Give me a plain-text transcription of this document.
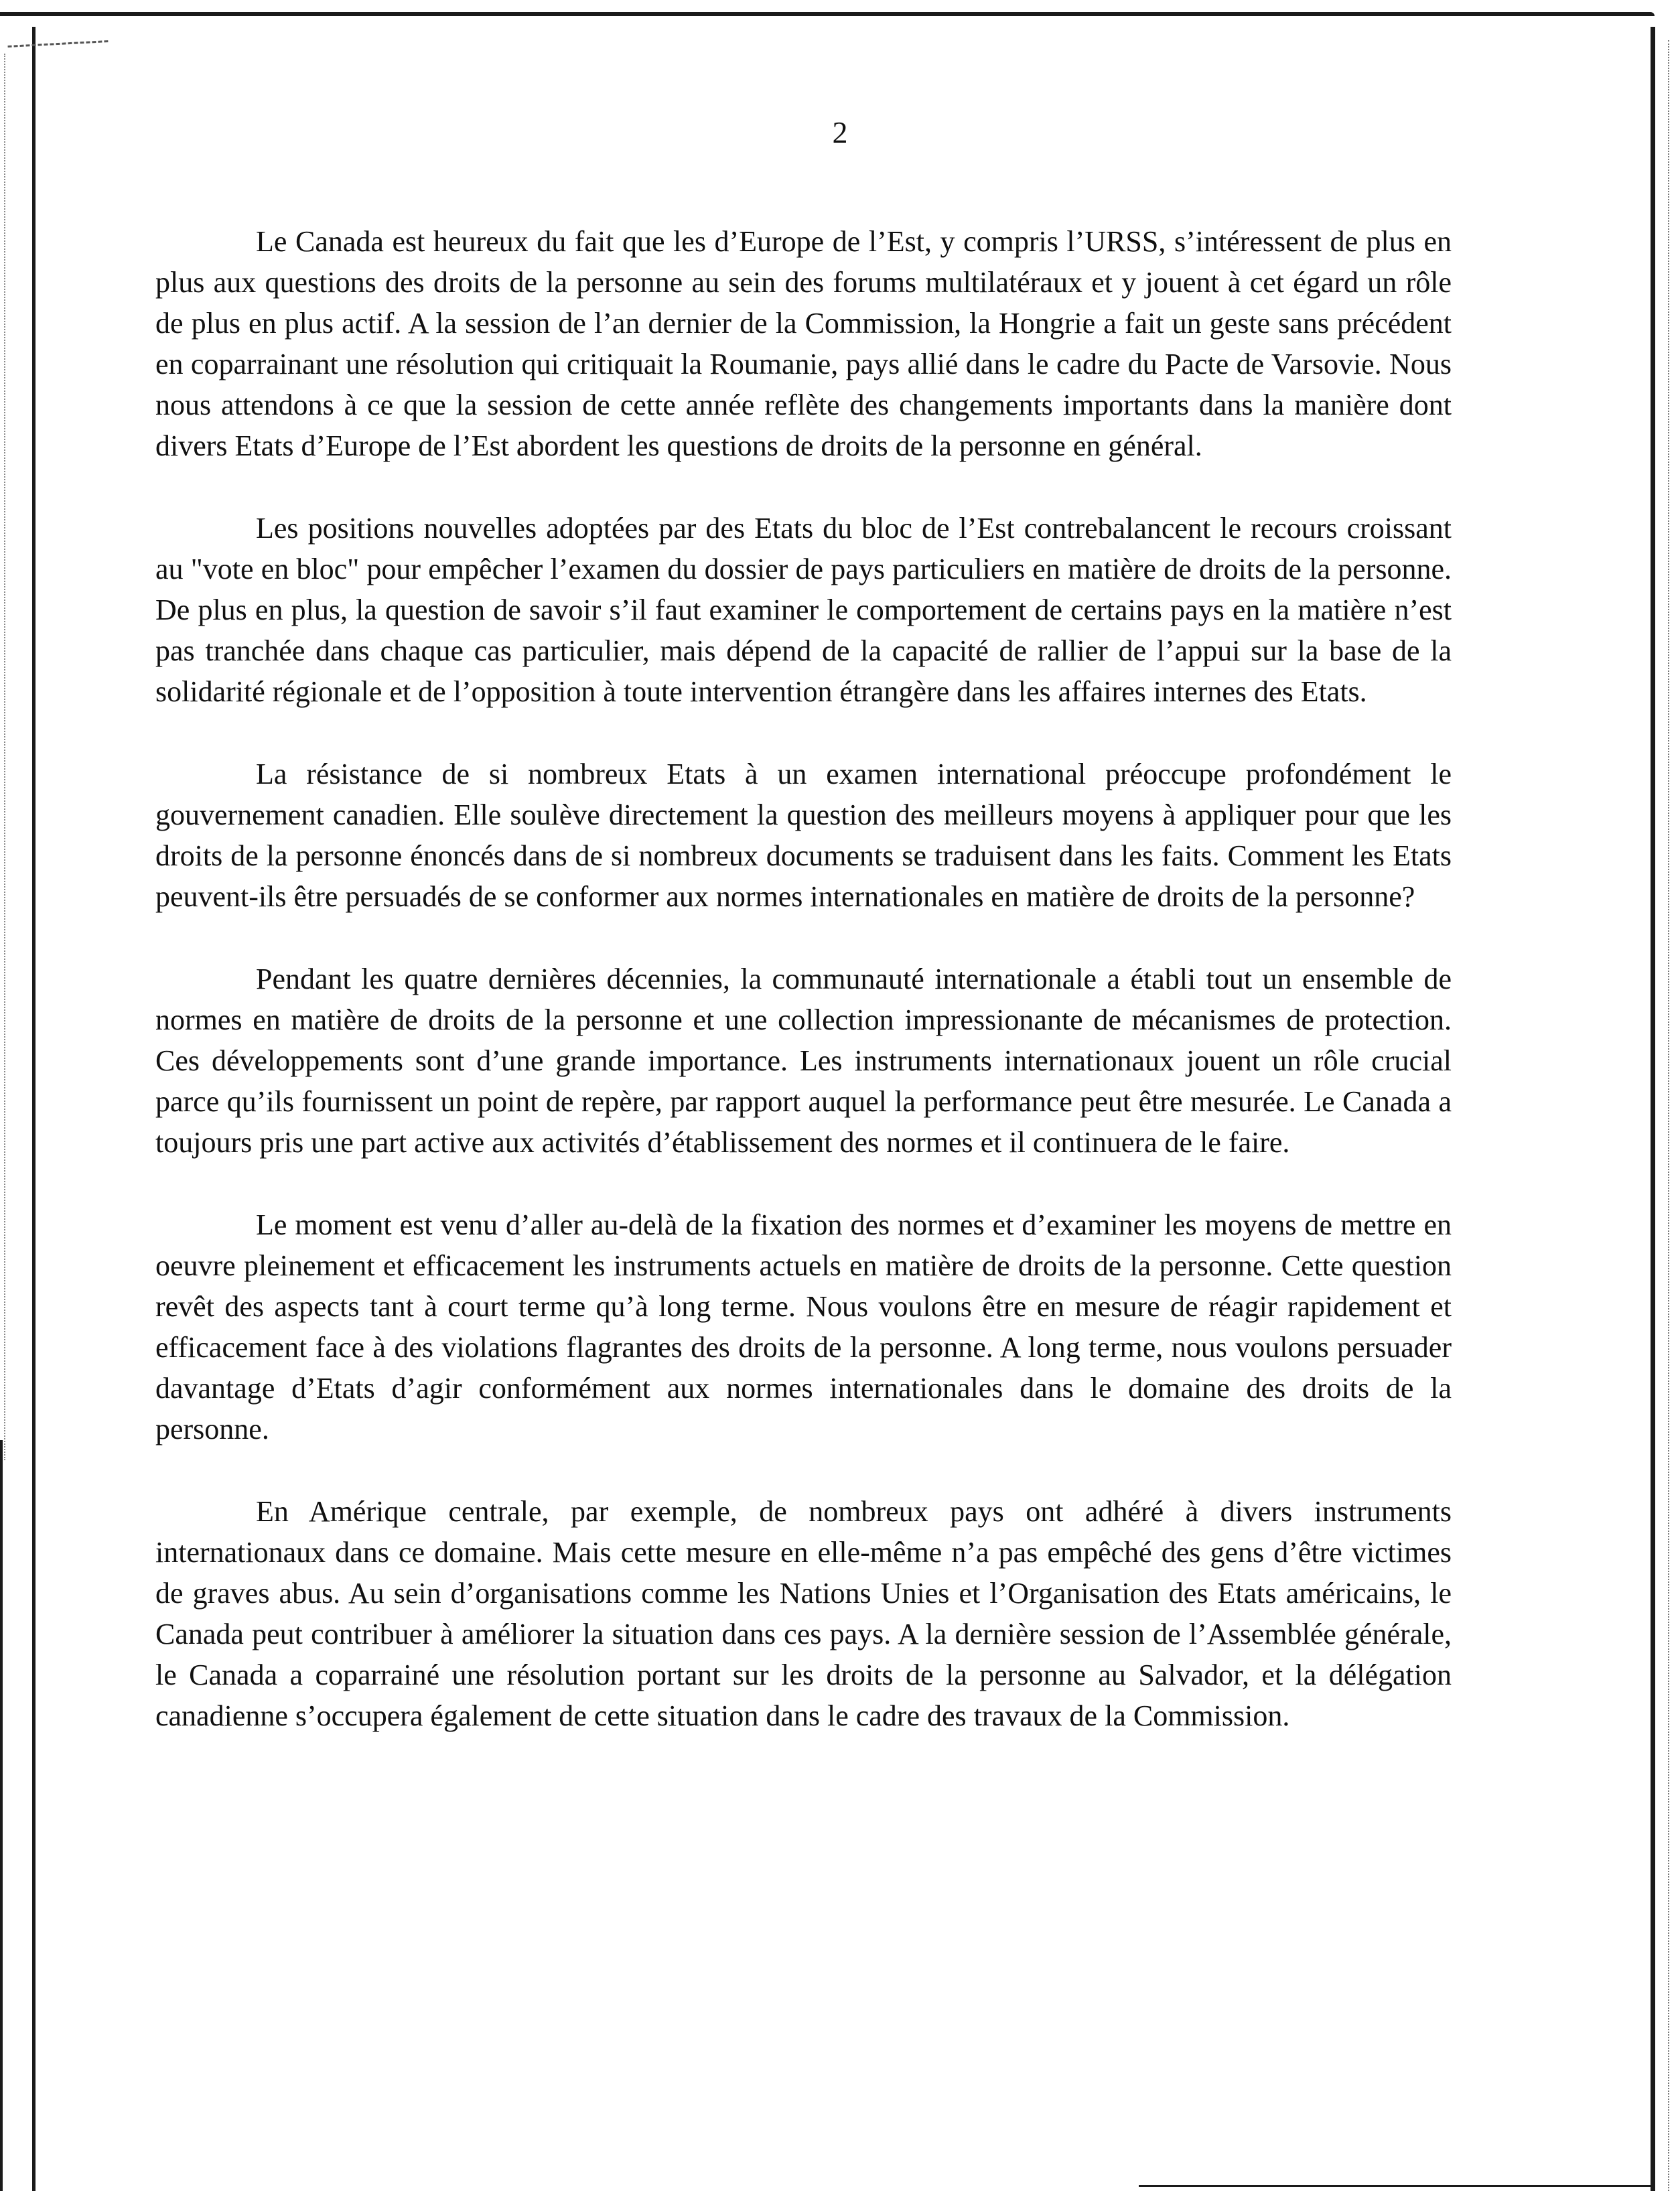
2

Le Canada est heureux du fait que les d’Europe de l’Est, y compris l’URSS, s’intéressent de plus en plus aux questions des droits de la personne au sein des forums multilatéraux et y jouent à cet égard un rôle de plus en plus actif. A la session de l’an dernier de la Commission, la Hongrie a fait un geste sans précédent en coparrainant une résolution qui critiquait la Roumanie, pays allié dans le cadre du Pacte de Varsovie. Nous nous attendons à ce que la session de cette année reflète des changements importants dans la manière dont divers Etats d’Europe de l’Est abordent les questions de droits de la personne en général.

Les positions nouvelles adoptées par des Etats du bloc de l’Est contrebalancent le recours croissant au "vote en bloc" pour empêcher l’examen du dossier de pays particuliers en matière de droits de la personne. De plus en plus, la question de savoir s’il faut examiner le comportement de certains pays en la matière n’est pas tranchée dans chaque cas particulier, mais dépend de la capacité de rallier de l’appui sur la base de la solidarité régionale et de l’opposition à toute intervention étrangère dans les affaires internes des Etats.

La résistance de si nombreux Etats à un examen international préoccupe profondément le gouvernement canadien. Elle soulève directement la question des meilleurs moyens à appliquer pour que les droits de la personne énoncés dans de si nombreux documents se traduisent dans les faits. Comment les Etats peuvent-ils être persuadés de se conformer aux normes internationales en matière de droits de la personne?

Pendant les quatre dernières décennies, la communauté internationale a établi tout un ensemble de normes en matière de droits de la personne et une collection impressionante de mécanismes de protection. Ces développements sont d’une grande importance. Les instruments internationaux jouent un rôle crucial parce qu’ils fournissent un point de repère, par rapport auquel la performance peut être mesurée. Le Canada a toujours pris une part active aux activités d’établissement des normes et il continuera de le faire.

Le moment est venu d’aller au-delà de la fixation des normes et d’examiner les moyens de mettre en oeuvre pleinement et efficacement les instruments actuels en matière de droits de la personne. Cette question revêt des aspects tant à court terme qu’à long terme. Nous voulons être en mesure de réagir rapidement et efficacement face à des violations flagrantes des droits de la personne. A long terme, nous voulons persuader davantage d’Etats d’agir conformément aux normes internationales dans le domaine des droits de la personne.

En Amérique centrale, par exemple, de nombreux pays ont adhéré à divers instruments internationaux dans ce domaine. Mais cette mesure en elle-même n’a pas empêché des gens d’être victimes de graves abus. Au sein d’organisations comme les Nations Unies et l’Organisation des Etats américains, le Canada peut contribuer à améliorer la situation dans ces pays. A la dernière session de l’Assemblée générale, le Canada a coparrainé une résolution portant sur les droits de la personne au Salvador, et la délégation canadienne s’occupera également de cette situation dans le cadre des travaux de la Commission.
